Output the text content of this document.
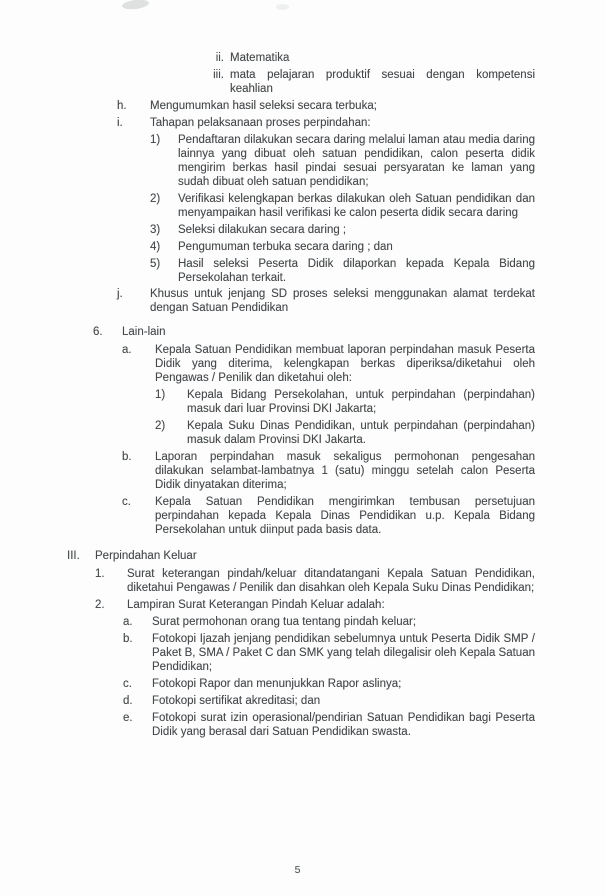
ii. Matematika
iii. mata pelajaran produktif sesuai dengan kompetensi keahlian
h.	Mengumumkan hasil seleksi secara terbuka;
i.	Tahapan pelaksanaan proses perpindahan:
1)	Pendaftaran dilakukan secara daring melalui laman atau media daring lainnya yang dibuat oleh satuan pendidikan, calon peserta didik mengirim berkas hasil pindai sesuai persyaratan ke laman yang sudah dibuat oleh satuan pendidikan;
2)	Verifikasi kelengkapan berkas dilakukan oleh Satuan pendidikan dan menyampaikan hasil verifikasi ke calon peserta didik secara daring
3)	Seleksi dilakukan secara daring ;
4)	Pengumuman terbuka secara daring ; dan
5)	Hasil seleksi Peserta Didik dilaporkan kepada Kepala Bidang Persekolahan terkait.
j.	Khusus untuk jenjang SD proses seleksi menggunakan alamat terdekat dengan Satuan Pendidikan
6.	Lain-lain
a.	Kepala Satuan Pendidikan membuat laporan perpindahan masuk Peserta Didik yang diterima, kelengkapan berkas diperiksa/diketahui oleh Pengawas / Penilik dan diketahui oleh:
1)	Kepala Bidang Persekolahan, untuk perpindahan (perpindahan) masuk dari luar Provinsi DKI Jakarta;
2)	Kepala Suku Dinas Pendidikan, untuk perpindahan (perpindahan) masuk dalam Provinsi DKI Jakarta.
b.	Laporan perpindahan masuk sekaligus permohonan pengesahan dilakukan selambat-lambatnya 1 (satu) minggu setelah calon Peserta Didik dinyatakan diterima;
c.	Kepala Satuan Pendidikan mengirimkan tembusan persetujuan perpindahan kepada Kepala Dinas Pendidikan u.p. Kepala Bidang Persekolahan untuk diinput pada basis data.
III.	Perpindahan Keluar
1.	Surat keterangan pindah/keluar ditandatangani Kepala Satuan Pendidikan, diketahui Pengawas / Penilik dan disahkan oleh Kepala Suku Dinas Pendidikan;
2.	Lampiran Surat Keterangan Pindah Keluar adalah:
a.	Surat permohonan orang tua tentang pindah keluar;
b.	Fotokopi Ijazah jenjang pendidikan sebelumnya untuk Peserta Didik SMP / Paket B, SMA / Paket C dan SMK yang telah dilegalisir oleh Kepala Satuan Pendidikan;
c.	Fotokopi Rapor dan menunjukkan Rapor aslinya;
d.	Fotokopi sertifikat akreditasi; dan
e.	Fotokopi surat izin operasional/pendirian Satuan Pendidikan bagi Peserta Didik yang berasal dari Satuan Pendidikan swasta.
5
